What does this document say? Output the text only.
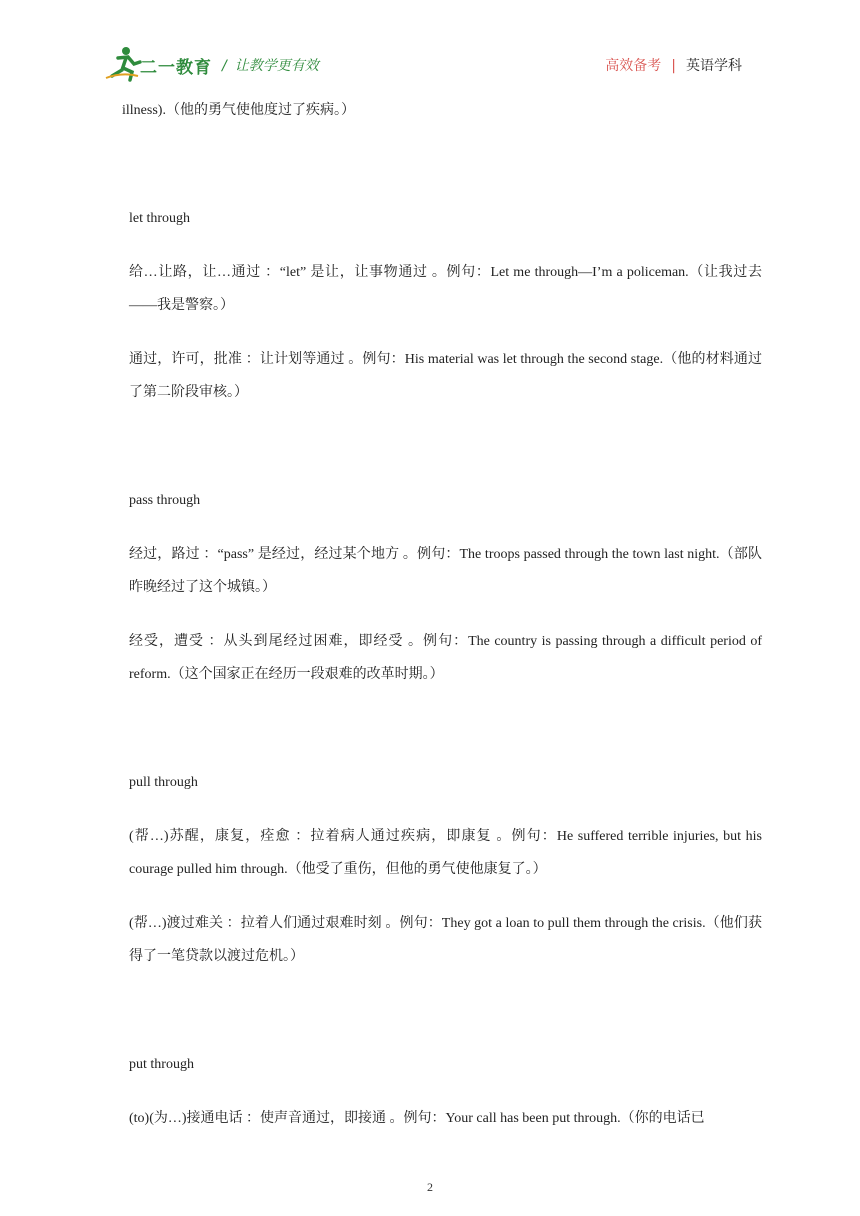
二一教育 / 让教学更有效	高效备考 | 英语学科
illness).（他的勇气使他度过了疾病。）
let through
给…让路，让…通过 ：“let” 是让，让事物通过 。例句：Let me through—I’m a policeman.（让我过去——我是警察。）
通过，许可，批准 ：让计划等通过 。例句：His material was let through the second stage.（他的材料通过了第二阶段审核。）
pass through
经过，路过 ：“pass” 是经过，经过某个地方 。例句：The troops passed through the town last night.（部队昨晚经过了这个城镇。）
经受，遭受 ：从头到尾经过困难，即经受 。例句：The country is passing through a difficult period of reform.（这个国家正在经历一段艰难的改革时期。）
pull through
(帮…)苏醒，康复，痊愈 ：拉着病人通过疾病，即康复 。例句：He suffered terrible injuries, but his courage pulled him through.（他受了重伤，但他的勇气使他康复了。）
(帮…)渡过难关 ：拉着人们通过艰难时刻 。例句：They got a loan to pull them through the crisis.（他们获得了一笔贷款以渡过危机。）
put through
(to)(为…)接通电话 ：使声音通过，即接通 。例句：Your call has been put through.（你的电话已
2
